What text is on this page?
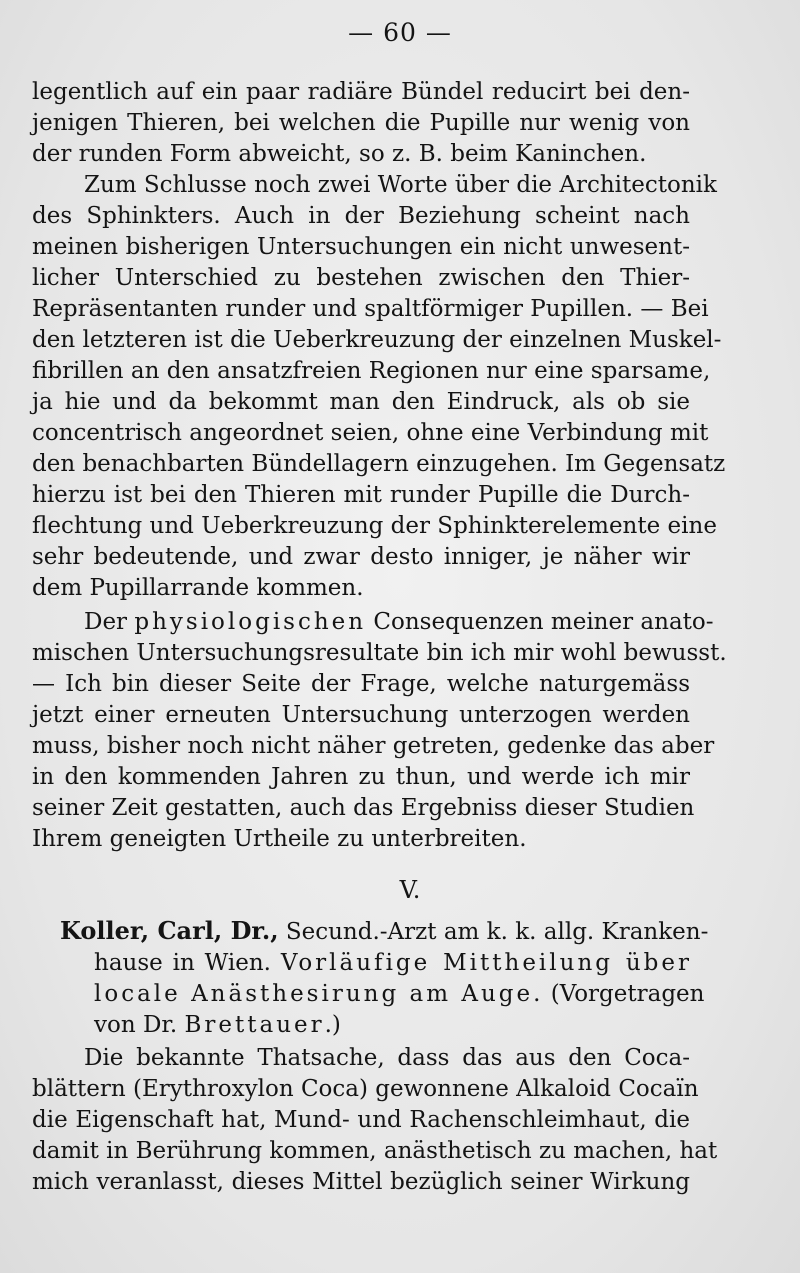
— 60 —
legentlich auf ein paar radiäre Bündel reducirt bei den-
jenigen Thieren, bei welchen die Pupille nur wenig von
der runden Form abweicht, so z. B. beim Kaninchen.
Zum Schlusse noch zwei Worte über die Architectonik
des Sphinkters. Auch in der Beziehung scheint nach
meinen bisherigen Untersuchungen ein nicht unwesent-
licher Unterschied zu bestehen zwischen den Thier-
Repräsentanten runder und spaltförmiger Pupillen. — Bei
den letzteren ist die Ueberkreuzung der einzelnen Muskel-
fibrillen an den ansatzfreien Regionen nur eine sparsame,
ja hie und da bekommt man den Eindruck, als ob sie
concentrisch angeordnet seien, ohne eine Verbindung mit
den benachbarten Bündellagern einzugehen. Im Gegensatz
hierzu ist bei den Thieren mit runder Pupille die Durch-
flechtung und Ueberkreuzung der Sphinkterelemente eine
sehr bedeutende, und zwar desto inniger, je näher wir
dem Pupillarrande kommen.
Der physiologischen Consequenzen meiner anato-
mischen Untersuchungsresultate bin ich mir wohl bewusst.
— Ich bin dieser Seite der Frage, welche naturgemäss
jetzt einer erneuten Untersuchung unterzogen werden
muss, bisher noch nicht näher getreten, gedenke das aber
in den kommenden Jahren zu thun, und werde ich mir
seiner Zeit gestatten, auch das Ergebniss dieser Studien
Ihrem geneigten Urtheile zu unterbreiten.
V.
Koller, Carl, Dr., Secund.-Arzt am k. k. allg. Kranken-
hause in Wien. Vorläufige Mittheilung über
locale Anästhesirung am Auge. (Vorgetragen
von Dr. Brettauer.)
Die bekannte Thatsache, dass das aus den Coca-
blättern (Erythroxylon Coca) gewonnene Alkaloid Cocaïn
die Eigenschaft hat, Mund- und Rachenschleimhaut, die
damit in Berührung kommen, anästhetisch zu machen, hat
mich veranlasst, dieses Mittel bezüglich seiner Wirkung
